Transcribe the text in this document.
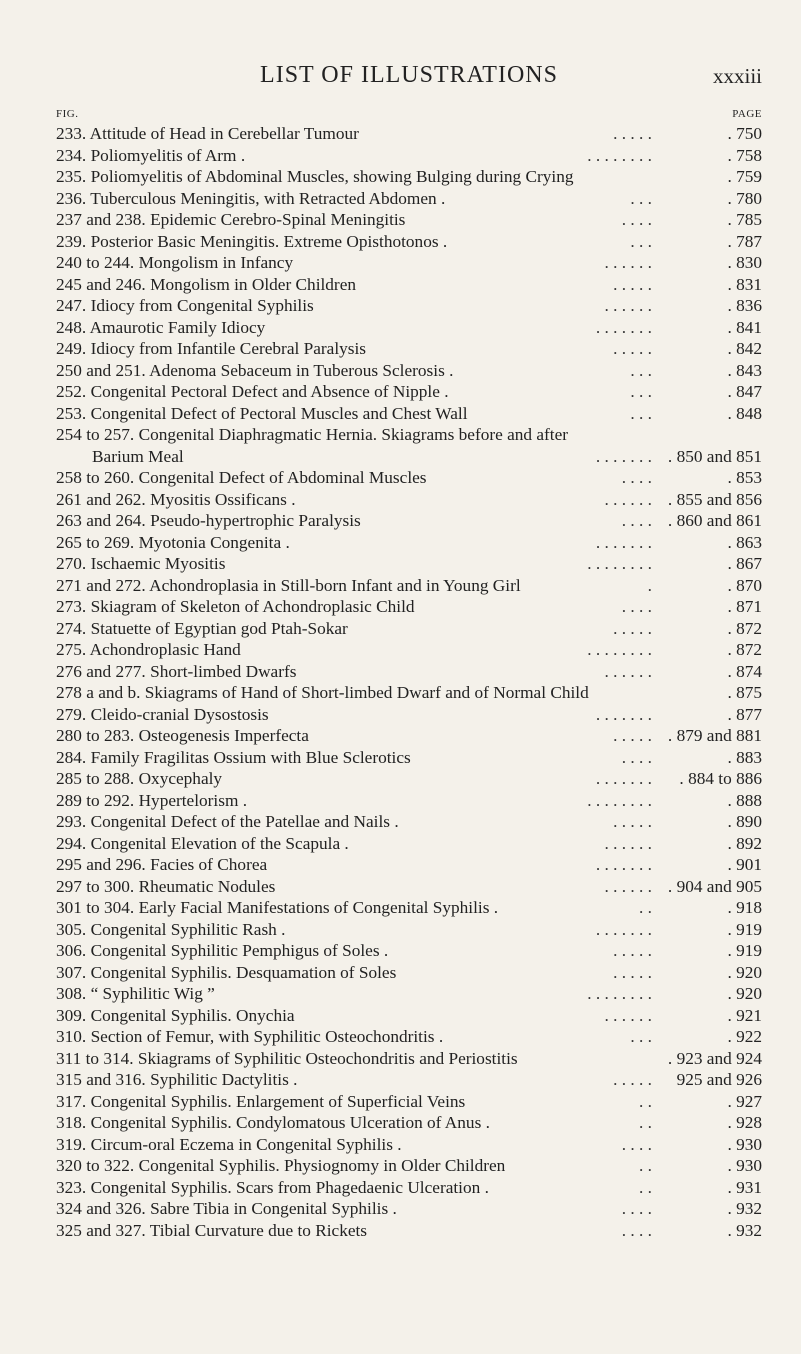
LIST OF ILLUSTRATIONS	xxxiii
FIG.	PAGE
233. Attitude of Head in Cerebellar Tumour	. . . . .	. 750
234. Poliomyelitis of Arm .	. . . . . . . .	. 758
235. Poliomyelitis of Abdominal Muscles, showing Bulging during Crying	. 759
236. Tuberculous Meningitis, with Retracted Abdomen .	. . .	. 780
237 and 238. Epidemic Cerebro-Spinal Meningitis	. . . .	. 785
239. Posterior Basic Meningitis. Extreme Opisthotonos .	. . .	. 787
240 to 244. Mongolism in Infancy	. . . . . .	. 830
245 and 246. Mongolism in Older Children	. . . . .	. 831
247. Idiocy from Congenital Syphilis	. . . . . .	. 836
248. Amaurotic Family Idiocy	. . . . . . .	. 841
249. Idiocy from Infantile Cerebral Paralysis	. . . . .	. 842
250 and 251. Adenoma Sebaceum in Tuberous Sclerosis .	. . .	. 843
252. Congenital Pectoral Defect and Absence of Nipple .	. . .	. 847
253. Congenital Defect of Pectoral Muscles and Chest Wall	. . .	. 848
254 to 257. Congenital Diaphragmatic Hernia. Skiagrams before and after
Barium Meal	. . . . . . . . 850 and 851
258 to 260. Congenital Defect of Abdominal Muscles	. . . .	. 853
261 and 262. Myositis Ossificans .	. . . . . . . 855 and 856
263 and 264. Pseudo-hypertrophic Paralysis	. . . . . 860 and 861
265 to 269. Myotonia Congenita .	. . . . . . .	. 863
270. Ischaemic Myositis	. . . . . . . .	. 867
271 and 272. Achondroplasia in Still-born Infant and in Young Girl	.	. 870
273. Skiagram of Skeleton of Achondroplasic Child	. . . .	. 871
274. Statuette of Egyptian god Ptah-Sokar	. . . . .	. 872
275. Achondroplasic Hand	. . . . . . . .	. 872
276 and 277. Short-limbed Dwarfs	. . . . . .	. 874
278 a and b. Skiagrams of Hand of Short-limbed Dwarf and of Normal Child	. 875
279. Cleido-cranial Dysostosis	. . . . . . .	. 877
280 to 283. Osteogenesis Imperfecta	. . . . . . 879 and 881
284. Family Fragilitas Ossium with Blue Sclerotics	. . . .	. 883
285 to 288. Oxycephaly	. . . . . . . . 884 to 886
289 to 292. Hypertelorism .	. . . . . . . .	. 888
293. Congenital Defect of the Patellae and Nails .	. . . . .	. 890
294. Congenital Elevation of the Scapula .	. . . . . .	. 892
295 and 296. Facies of Chorea	. . . . . . .	. 901
297 to 300. Rheumatic Nodules	. . . . . . . 904 and 905
301 to 304. Early Facial Manifestations of Congenital Syphilis .	. .	. 918
305. Congenital Syphilitic Rash .	. . . . . . .	. 919
306. Congenital Syphilitic Pemphigus of Soles .	. . . . .	. 919
307. Congenital Syphilis. Desquamation of Soles	. . . . .	. 920
308. “ Syphilitic Wig ”	. . . . . . . .	. 920
309. Congenital Syphilis. Onychia	. . . . . .	. 921
310. Section of Femur, with Syphilitic Osteochondritis .	. . .	. 922
311 to 314. Skiagrams of Syphilitic Osteochondritis and Periostitis	. 923 and 924
315 and 316. Syphilitic Dactylitis .	. . . . . 925 and 926
317. Congenital Syphilis. Enlargement of Superficial Veins	. .	. 927
318. Congenital Syphilis. Condylomatous Ulceration of Anus .	. .	. 928
319. Circum-oral Eczema in Congenital Syphilis .	. . . .	. 930
320 to 322. Congenital Syphilis. Physiognomy in Older Children	. .	. 930
323. Congenital Syphilis. Scars from Phagedaenic Ulceration .	. .	. 931
324 and 326. Sabre Tibia in Congenital Syphilis .	. . . .	. 932
325 and 327. Tibial Curvature due to Rickets	. . . .	. 932
